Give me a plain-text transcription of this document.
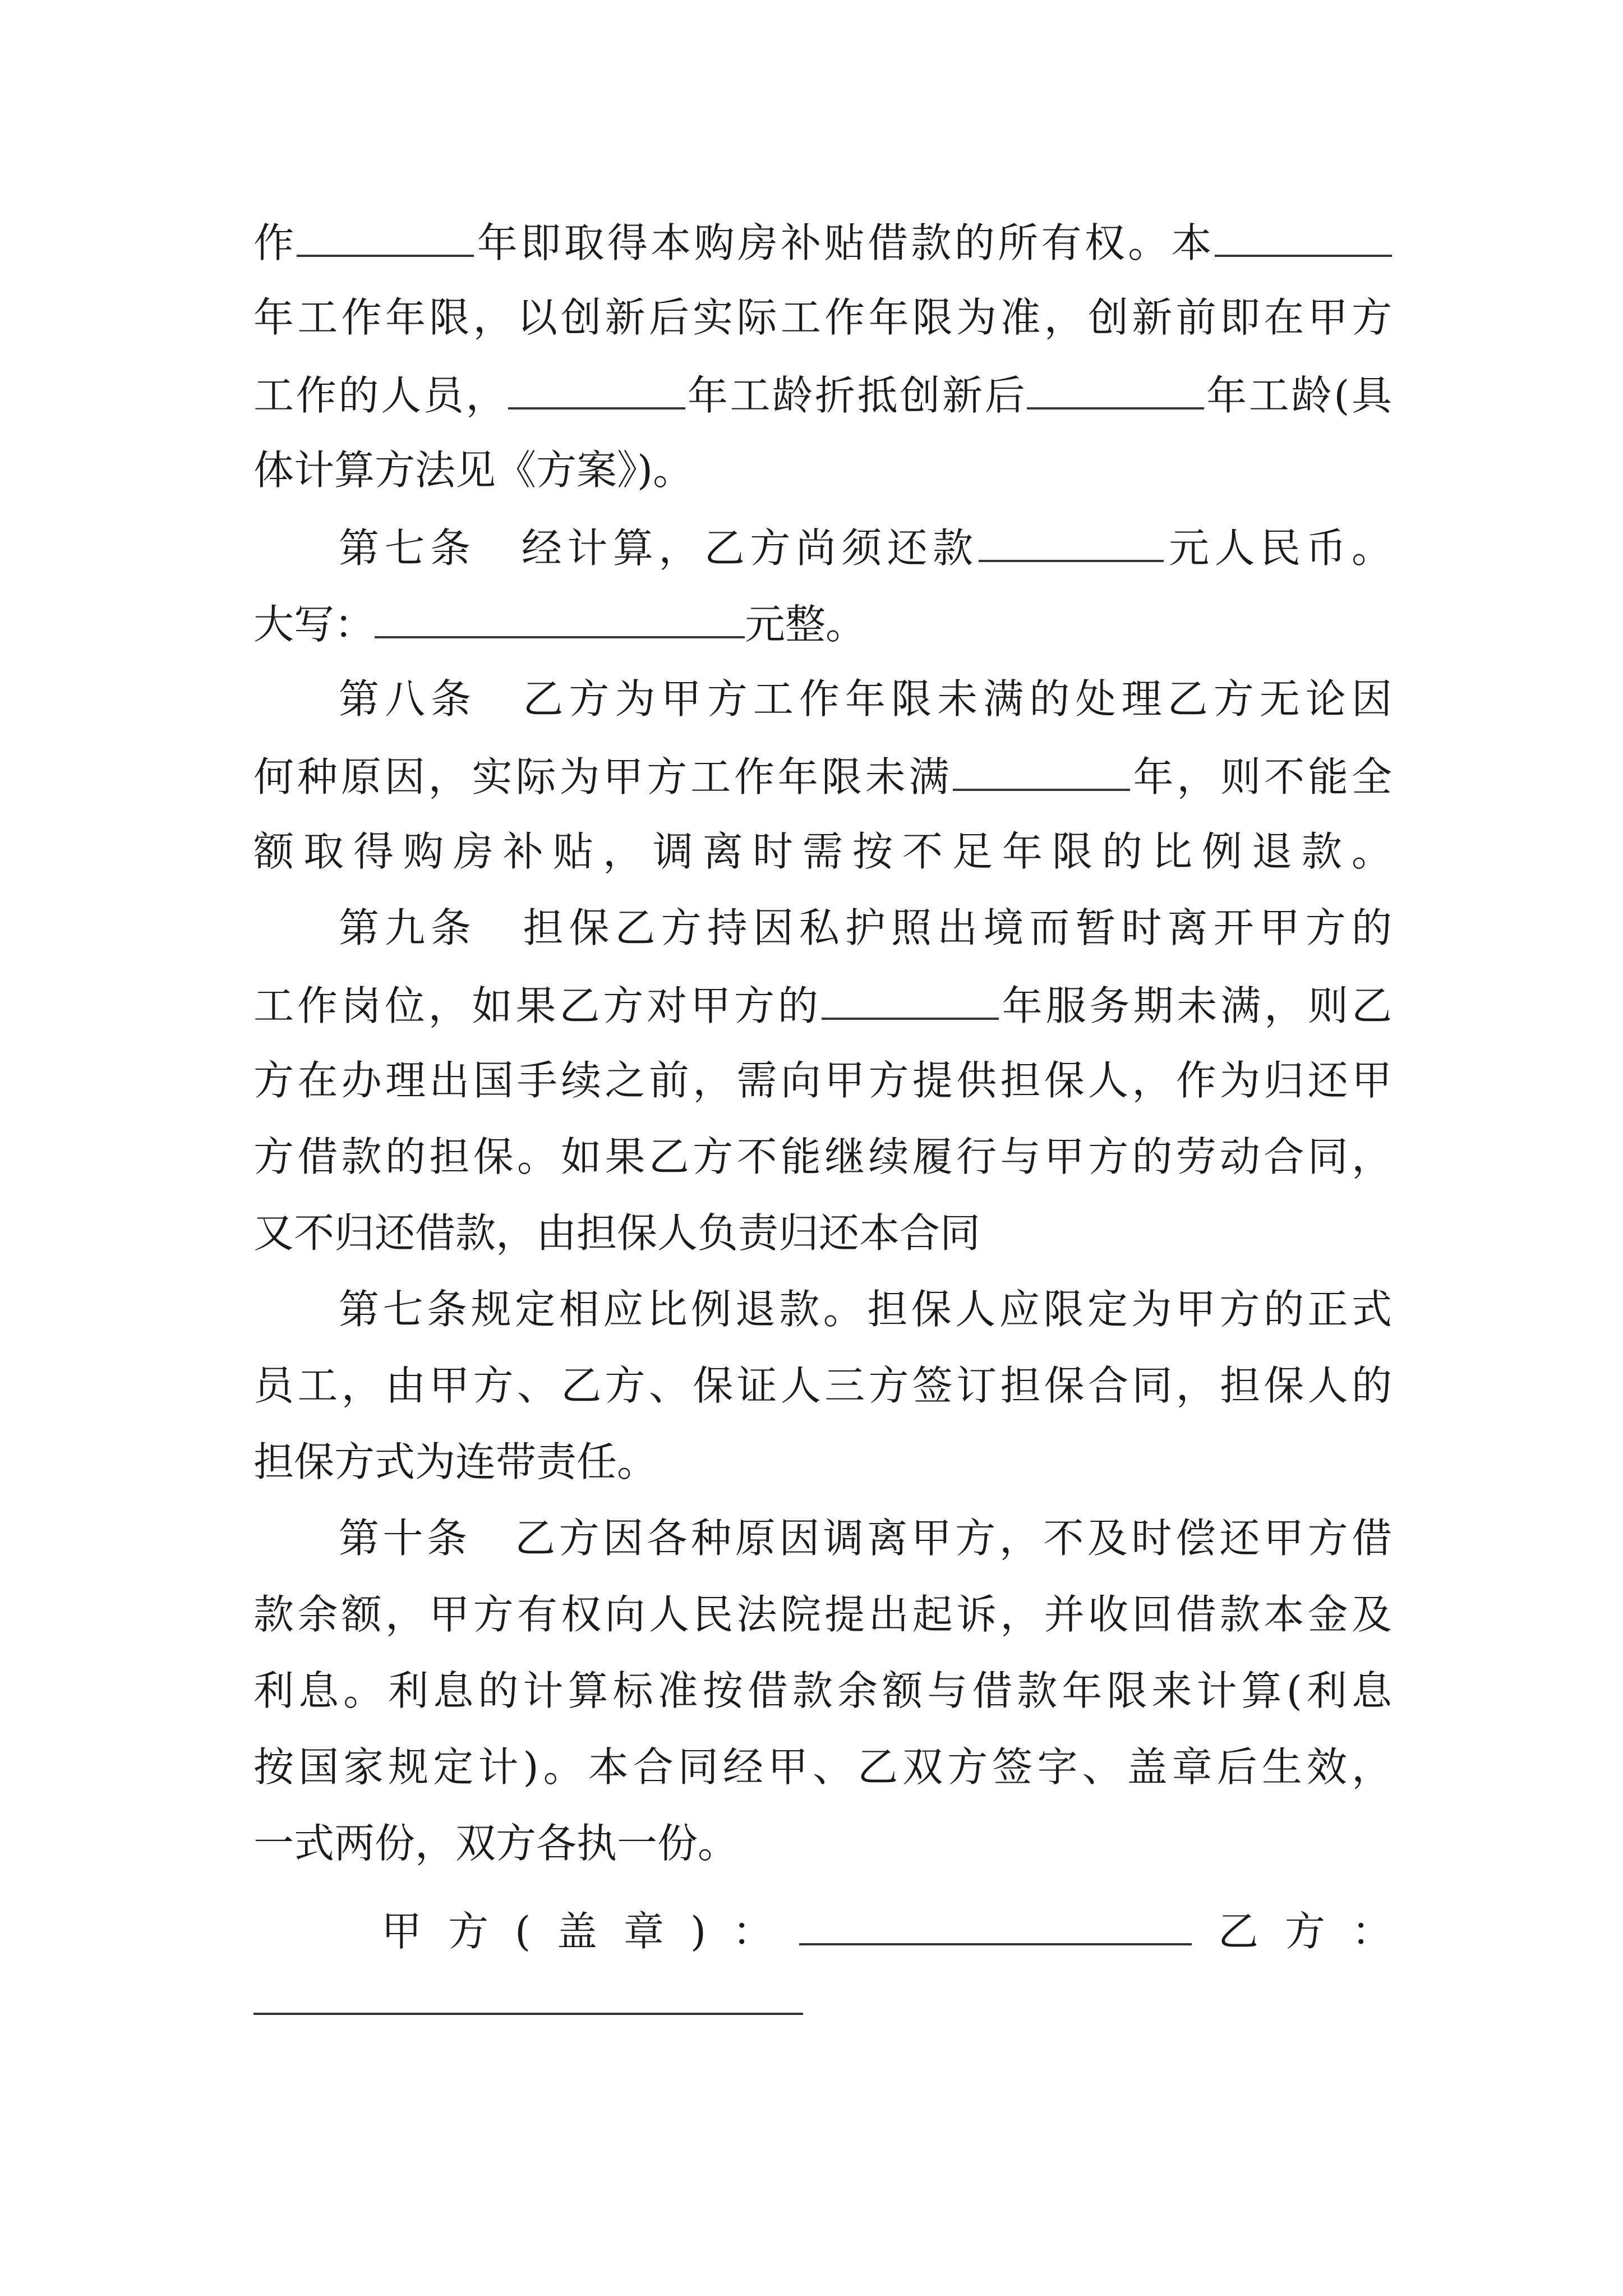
作	年即取得本购房补贴借款的所有权。本
年工作年限，以创新后实际工作年限为准，创新前即在甲方
工作的人员，	年工龄折抵创新后	年工龄(具
体计算方法见《方案》)。
第七条　经计算，乙方尚须还款	元人民币。
大写：	元整。
第八条　乙方为甲方工作年限未满的处理乙方无论因
何种原因，实际为甲方工作年限未满	年，则不能全
额取得购房补贴，调离时需按不足年限的比例退款。
第九条　担保乙方持因私护照出境而暂时离开甲方的
工作岗位，如果乙方对甲方的	年服务期未满，则乙
方在办理出国手续之前，需向甲方提供担保人，作为归还甲
方借款的担保。如果乙方不能继续履行与甲方的劳动合同，
又不归还借款，由担保人负责归还本合同
第七条规定相应比例退款。担保人应限定为甲方的正式
员工，由甲方、乙方、保证人三方签订担保合同，担保人的
担保方式为连带责任。
第十条　乙方因各种原因调离甲方，不及时偿还甲方借
款余额，甲方有权向人民法院提出起诉，并收回借款本金及
利息。利息的计算标准按借款余额与借款年限来计算(利息
按国家规定计)。本合同经甲、乙双方签字、盖章后生效，
一式两份，双方各执一份。
甲方(盖章)：	乙方：
